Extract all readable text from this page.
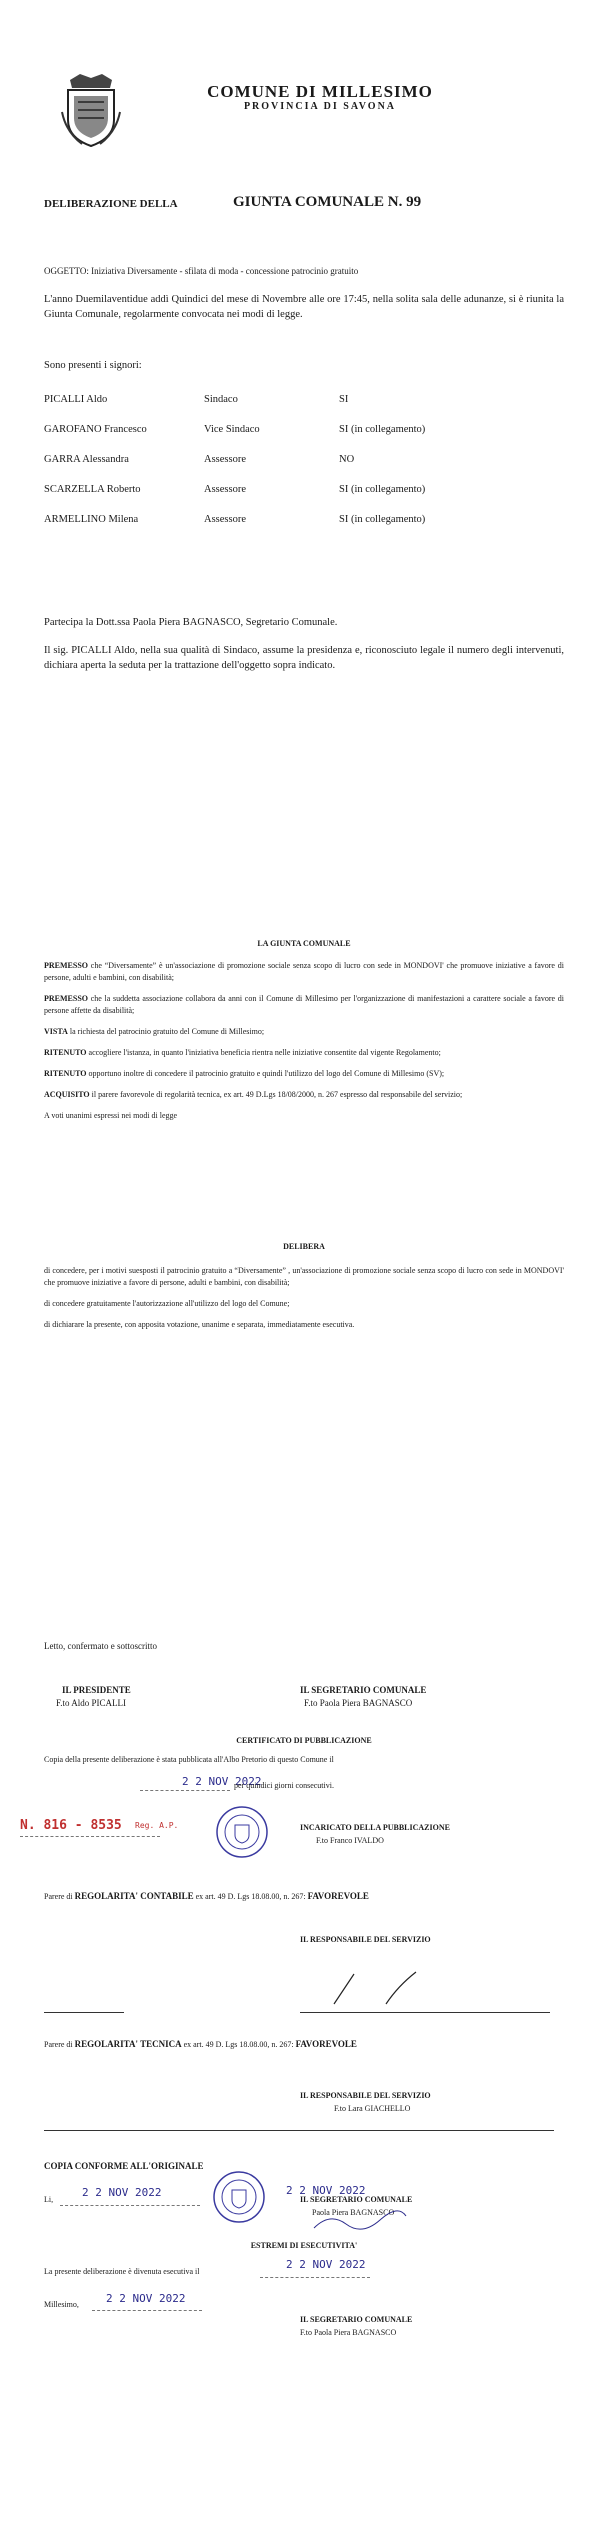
COMUNE DI MILLESIMO
PROVINCIA DI SAVONA
DELIBERAZIONE DELLA	GIUNTA COMUNALE N. 99
OGGETTO: Iniziativa Diversamente - sfilata di moda - concessione patrocinio gratuito
L'anno Duemilaventidue addì Quindici del mese di Novembre alle ore 17:45, nella solita sala delle adunanze, si è riunita la Giunta Comunale, regolarmente convocata nei modi di legge.
Sono presenti i signori:
PICALLI Aldo	Sindaco	SI
GAROFANO Francesco	Vice Sindaco	SI (in collegamento)
GARRA Alessandra	Assessore	NO
SCARZELLA Roberto	Assessore	SI (in collegamento)
ARMELLINO Milena	Assessore	SI (in collegamento)
Partecipa la Dott.ssa Paola Piera BAGNASCO, Segretario Comunale.
Il sig. PICALLI Aldo, nella sua qualità di Sindaco, assume la presidenza e, riconosciuto legale il numero degli intervenuti, dichiara aperta la seduta per la trattazione dell'oggetto sopra indicato.
LA GIUNTA COMUNALE

PREMESSO che “Diversamente” è un'associazione di promozione sociale senza scopo di lucro con sede in MONDOVI' che promuove iniziative a favore di persone, adulti e bambini, con disabilità;

PREMESSO che la suddetta associazione collabora da anni con il Comune di Millesimo per l'organizzazione di manifestazioni a carattere sociale a favore di persone affette da disabilità;

VISTA la richiesta del patrocinio gratuito del Comune di Millesimo;

RITENUTO accogliere l'istanza, in quanto l'iniziativa beneficia rientra nelle iniziative consentite dal vigente Regolamento;

RITENUTO opportuno inoltre di concedere il patrocinio gratuito e quindi l'utilizzo del logo del Comune di Millesimo (SV);

ACQUISITO il parere favorevole di regolarità tecnica, ex art. 49 D.Lgs 18/08/2000, n. 267 espresso dal responsabile del servizio;

A voti unanimi espressi nei modi di legge

DELIBERA

di concedere, per i motivi suesposti il patrocinio gratuito a “Diversamente” , un'associazione di promozione sociale senza scopo di lucro con sede in MONDOVI' che promuove iniziative a favore di persone, adulti e bambini, con disabilità;

di concedere gratuitamente l'autorizzazione all'utilizzo del logo del Comune;

di dichiarare la presente, con apposita votazione, unanime e separata, immediatamente esecutiva.

Letto, confermato e sottoscritto
IL PRESIDENTE
F.to Aldo PICALLI
IL SEGRETARIO COMUNALE
F.to Paola Piera BAGNASCO
CERTIFICATO DI PUBBLICAZIONE
Copia della presente deliberazione è stata pubblicata all'Albo Pretorio di questo Comune il
2 2 NOV 2022
per quindici giorni consecutivi.
N. 816 - 8535 Reg. A.P.	INCARICATO DELLA PUBBLICAZIONE
F.to Franco IVALDO
Parere di REGOLARITA' CONTABILE ex art. 49 D. Lgs 18.08.00, n. 267: FAVOREVOLE
IL RESPONSABILE DEL SERVIZIO
Parere di REGOLARITA' TECNICA ex art. 49 D. Lgs 18.08.00, n. 267: FAVOREVOLE
IL RESPONSABILE DEL SERVIZIO
F.to Lara GIACHELLO
COPIA CONFORME ALL'ORIGINALE
Li,
2 2 NOV 2022	2 2 NOV 2022
IL SEGRETARIO COMUNALE
Paola Piera BAGNASCO
ESTREMI DI ESECUTIVITA'
La presente deliberazione è divenuta esecutiva il
2 2 NOV 2022
Millesimo, 2 2 NOV 2022
IL SEGRETARIO COMUNALE
F.to Paola Piera BAGNASCO
